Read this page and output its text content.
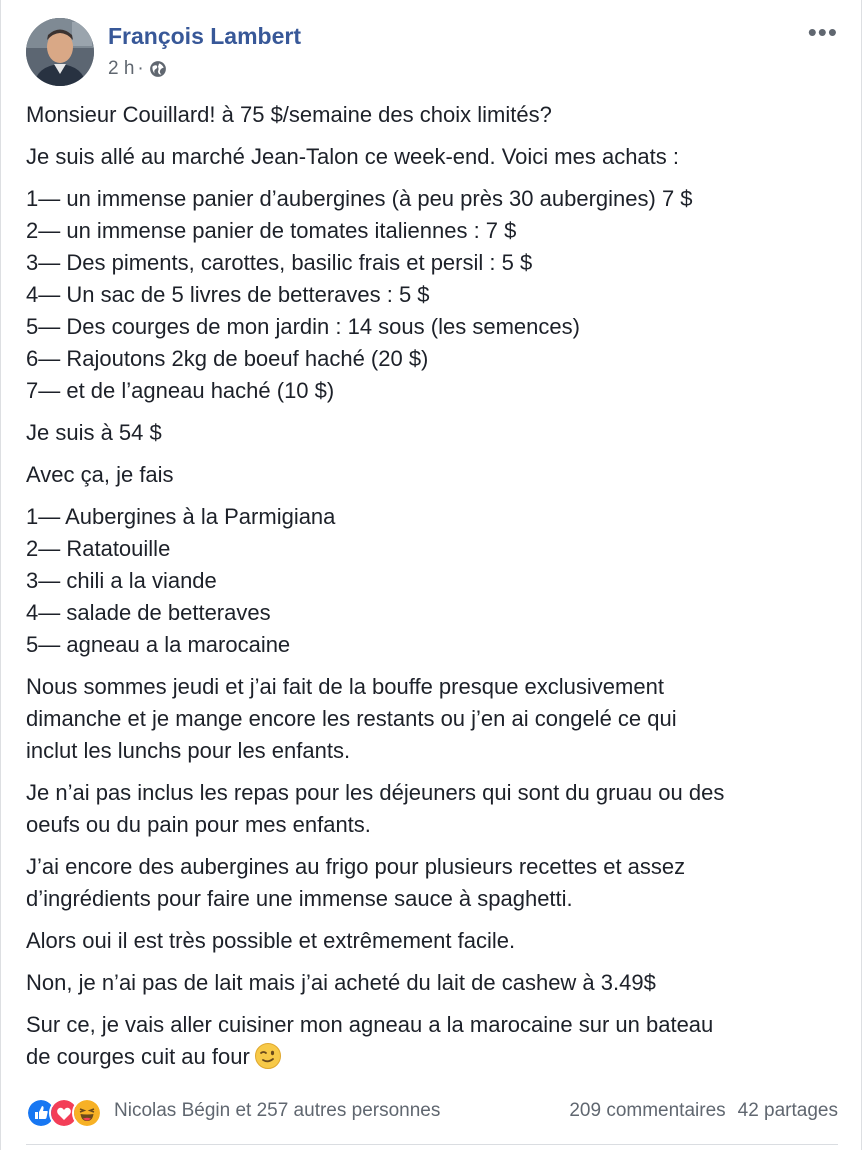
François Lambert
2 h ·
•••

Monsieur Couillard! à 75 $/semaine des choix limités?

Je suis allé au marché Jean-Talon ce week-end. Voici mes achats :

1— un immense panier d’aubergines (à peu près 30 aubergines) 7 $
2— un immense panier de tomates italiennes : 7 $
3— Des piments, carottes, basilic frais et persil : 5 $
4— Un sac de 5 livres de betteraves : 5 $
5— Des courges de mon jardin : 14 sous (les semences)
6— Rajoutons 2kg de boeuf haché (20 $)
7— et de l’agneau haché (10 $)

Je suis à 54 $

Avec ça, je fais

1— Aubergines à la Parmigiana
2— Ratatouille
3— chili a la viande
4— salade de betteraves
5— agneau a la marocaine

Nous sommes jeudi et j’ai fait de la bouffe presque exclusivement
dimanche et je mange encore les restants ou j’en ai congelé ce qui
inclut les lunchs pour les enfants.

Je n’ai pas inclus les repas pour les déjeuners qui sont du gruau ou des
oeufs ou du pain pour mes enfants.

J’ai encore des aubergines au frigo pour plusieurs recettes et assez
d’ingrédients pour faire une immense sauce à spaghetti.

Alors oui il est très possible et extrêmement facile.

Non, je n’ai pas de lait mais j’ai acheté du lait de cashew à 3.49$

Sur ce, je vais aller cuisiner mon agneau a la marocaine sur un bateau
de courges cuit au four

Nicolas Bégin et 257 autres personnes	209 commentaires 42 partages
